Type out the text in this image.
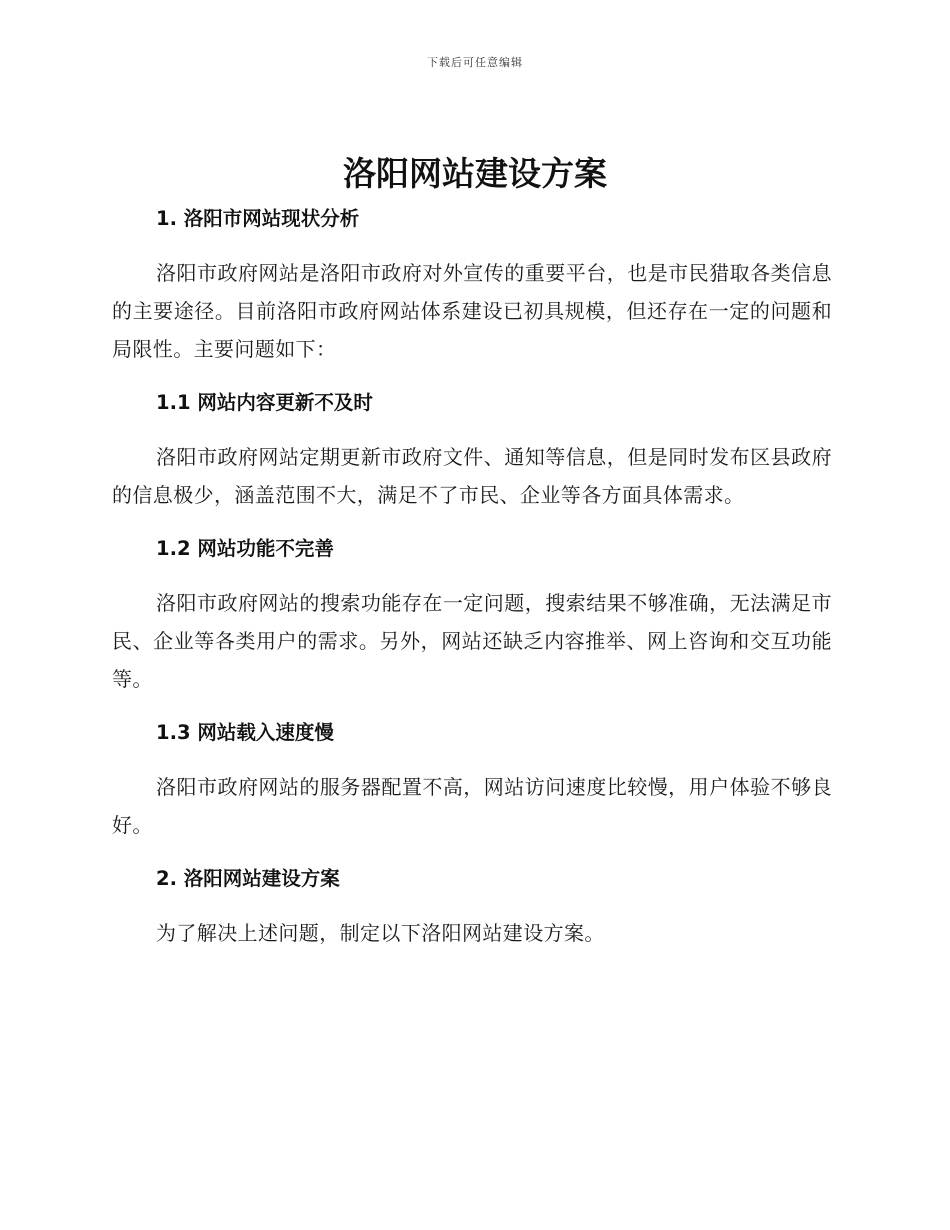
下载后可任意编辑
洛阳网站建设方案
1. 洛阳市网站现状分析

洛阳市政府网站是洛阳市政府对外宣传的重要平台，也是市民猎取各类信息的主要途径。目前洛阳市政府网站体系建设已初具规模，但还存在一定的问题和局限性。主要问题如下：

1.1 网站内容更新不及时

洛阳市政府网站定期更新市政府文件、通知等信息，但是同时发布区县政府的信息极少，涵盖范围不大，满足不了市民、企业等各方面具体需求。

1.2 网站功能不完善

洛阳市政府网站的搜索功能存在一定问题，搜索结果不够准确，无法满足市民、企业等各类用户的需求。另外，网站还缺乏内容推举、网上咨询和交互功能等。

1.3 网站载入速度慢

洛阳市政府网站的服务器配置不高，网站访问速度比较慢，用户体验不够良好。

2. 洛阳网站建设方案

为了解决上述问题，制定以下洛阳网站建设方案。
